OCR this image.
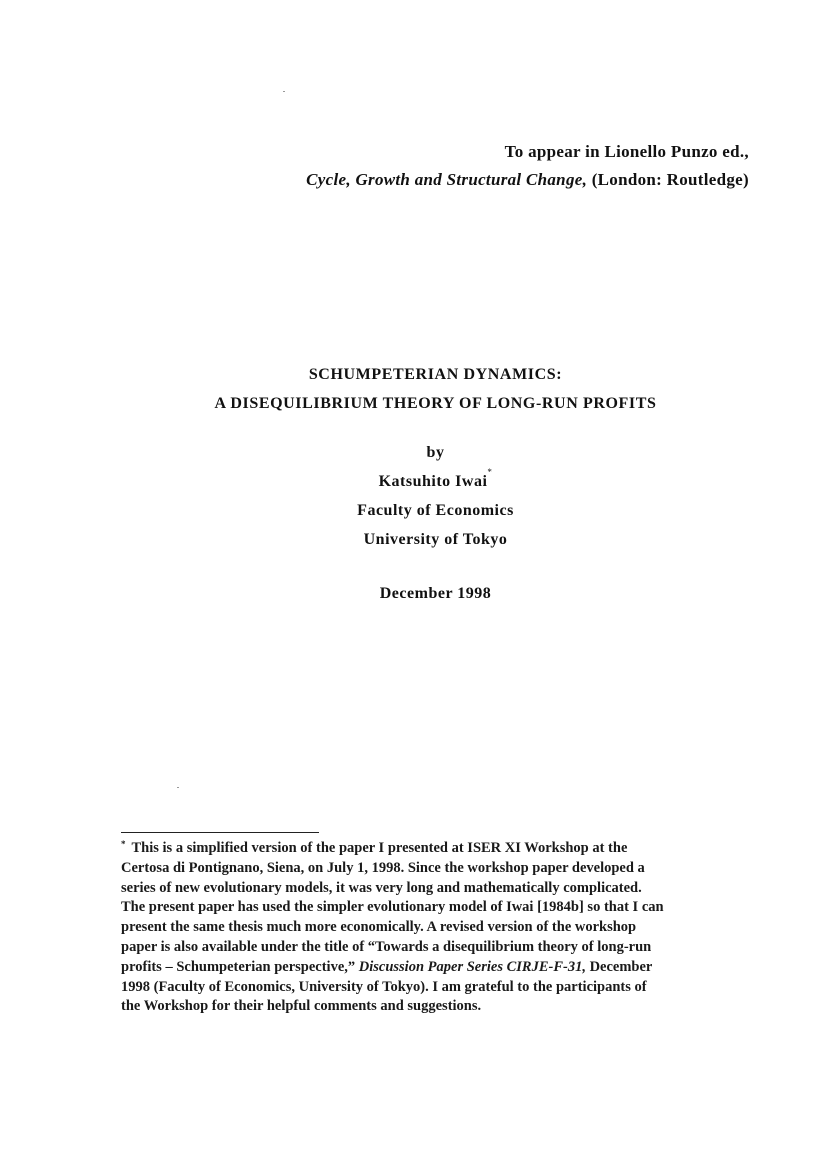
To appear in Lionello Punzo ed.,
Cycle, Growth and Structural Change, (London: Routledge)
SCHUMPETERIAN DYNAMICS:
A DISEQUILIBRIUM THEORY OF LONG-RUN PROFITS
by
Katsuhito Iwai*
Faculty of Economics
University of Tokyo
December 1998
* This is a simplified version of the paper I presented at ISER XI Workshop at the
Certosa di Pontignano, Siena, on July 1, 1998. Since the workshop paper developed a
series of new evolutionary models, it was very long and mathematically complicated.
The present paper has used the simpler evolutionary model of Iwai [1984b] so that I can
present the same thesis much more economically. A revised version of the workshop
paper is also available under the title of “Towards a disequilibrium theory of long-run
profits – Schumpeterian perspective,” Discussion Paper Series CIRJE-F-31, December
1998 (Faculty of Economics, University of Tokyo). I am grateful to the participants of
the Workshop for their helpful comments and suggestions.
